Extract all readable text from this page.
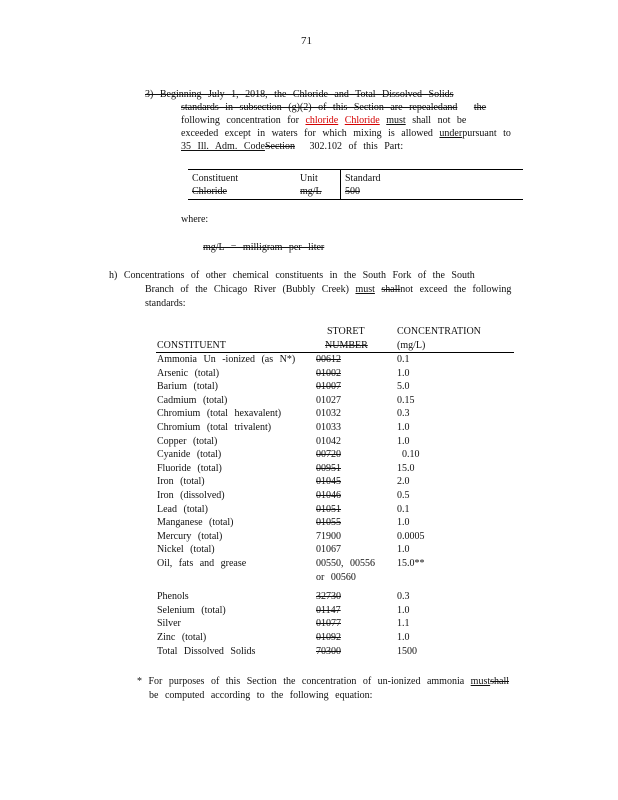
71
3) Beginning July 1, 2018, the Chloride and Total Dissolved Solids
standards in subsection (g)(2) of this Section are repealedand the
following concentration for chloride Chloride must shall not be
exceeded except in waters for which mixing is allowed underpursuant to
35 Ill. Adm. CodeSection 302.102 of this Part:
Constituent	Unit	Standard
Chloride	mg/L 500
where:
mg/L = milligram per liter
h) Concentrations of other chemical constituents in the South Fork of the South
Branch of the Chicago River (Bubbly Creek) must shallnot exceed the following
standards:
STORET	CONCENTRATION
CONSTITUENT	NUMBER	(mg/L)
Ammonia Un -ionized (as N*) 00612	0.1
Arsenic (total)	01002	1.0
Barium (total)	01007	5.0
Cadmium (total)	01027	0.15
Chromium (total hexavalent)	01032	0.3
Chromium (total trivalent)	01033	1.0
Copper (total)	01042	1.0
Cyanide (total)	00720	0.10
Fluoride (total)	00951	15.0
Iron (total)	01045	2.0
Iron (dissolved)	01046	0.5
Lead (total)	01051	0.1
Manganese (total)	01055	1.0
Mercury (total)	71900	0.0005
Nickel (total)	01067	1.0
Oil, fats and grease	00550, 00556 15.0**
or 00560
Phenols	32730	0.3
Selenium (total)	01147	1.0
Silver	01077	1.1
Zinc (total)	01092	1.0
Total Dissolved Solids	70300	1500
* For purposes of this Section the concentration of un-ionized ammonia mustshall
be computed according to the following equation:
